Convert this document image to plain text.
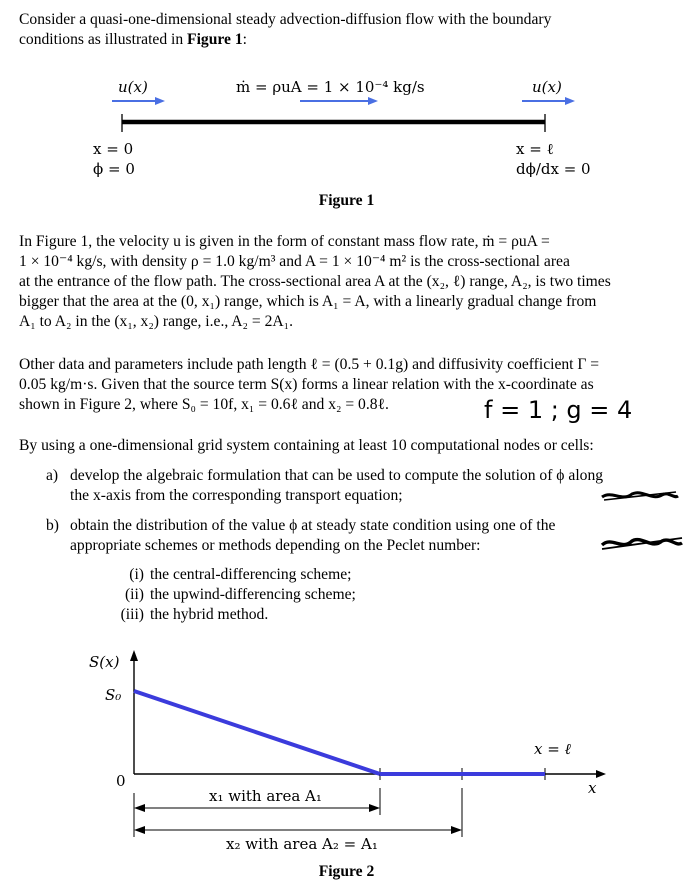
Consider a quasi-one-dimensional steady advection-diffusion flow with the boundary
conditions as illustrated in Figure 1:
u(x)	ṁ = ρuA = 1 × 10⁻⁴ kg/s	u(x)
x = 0
ϕ = 0
x = ℓ
dϕ/dx = 0
Figure 1
In Figure 1, the velocity u is given in the form of constant mass flow rate, ṁ = ρuA =
1 × 10⁻⁴ kg/s, with density ρ = 1.0 kg/m³ and A = 1 × 10⁻⁴ m² is the cross-sectional area
at the entrance of the flow path. The cross-sectional area A at the (x₂, ℓ) range, A₂, is two times
bigger that the area at the (0, x₁) range, which is A₁ = A, with a linearly gradual change from
A₁ to A₂ in the (x₁, x₂) range, i.e., A₂ = 2A₁.
Other data and parameters include path length ℓ = (0.5 + 0.1g) and diffusivity coefficient Γ =
0.05 kg/m·s. Given that the source term S(x) forms a linear relation with the x-coordinate as
shown in Figure 2, where S₀ = 10f, x₁ = 0.6ℓ and x₂ = 0.8ℓ.	f = 1 ; g = 4
By using a one-dimensional grid system containing at least 10 computational nodes or cells:
a) develop the algebraic formulation that can be used to compute the solution of ϕ along
the x-axis from the corresponding transport equation;
b) obtain the distribution of the value ϕ at steady state condition using one of the
appropriate schemes or methods depending on the Peclet number:
(i) the central-differencing scheme;
(ii) the upwind-differencing scheme;
(iii) the hybrid method.
S(x)
S₀
0
x = ℓ
x
x₁ with area A₁
x₂ with area A₂ = A₁
Figure 2
